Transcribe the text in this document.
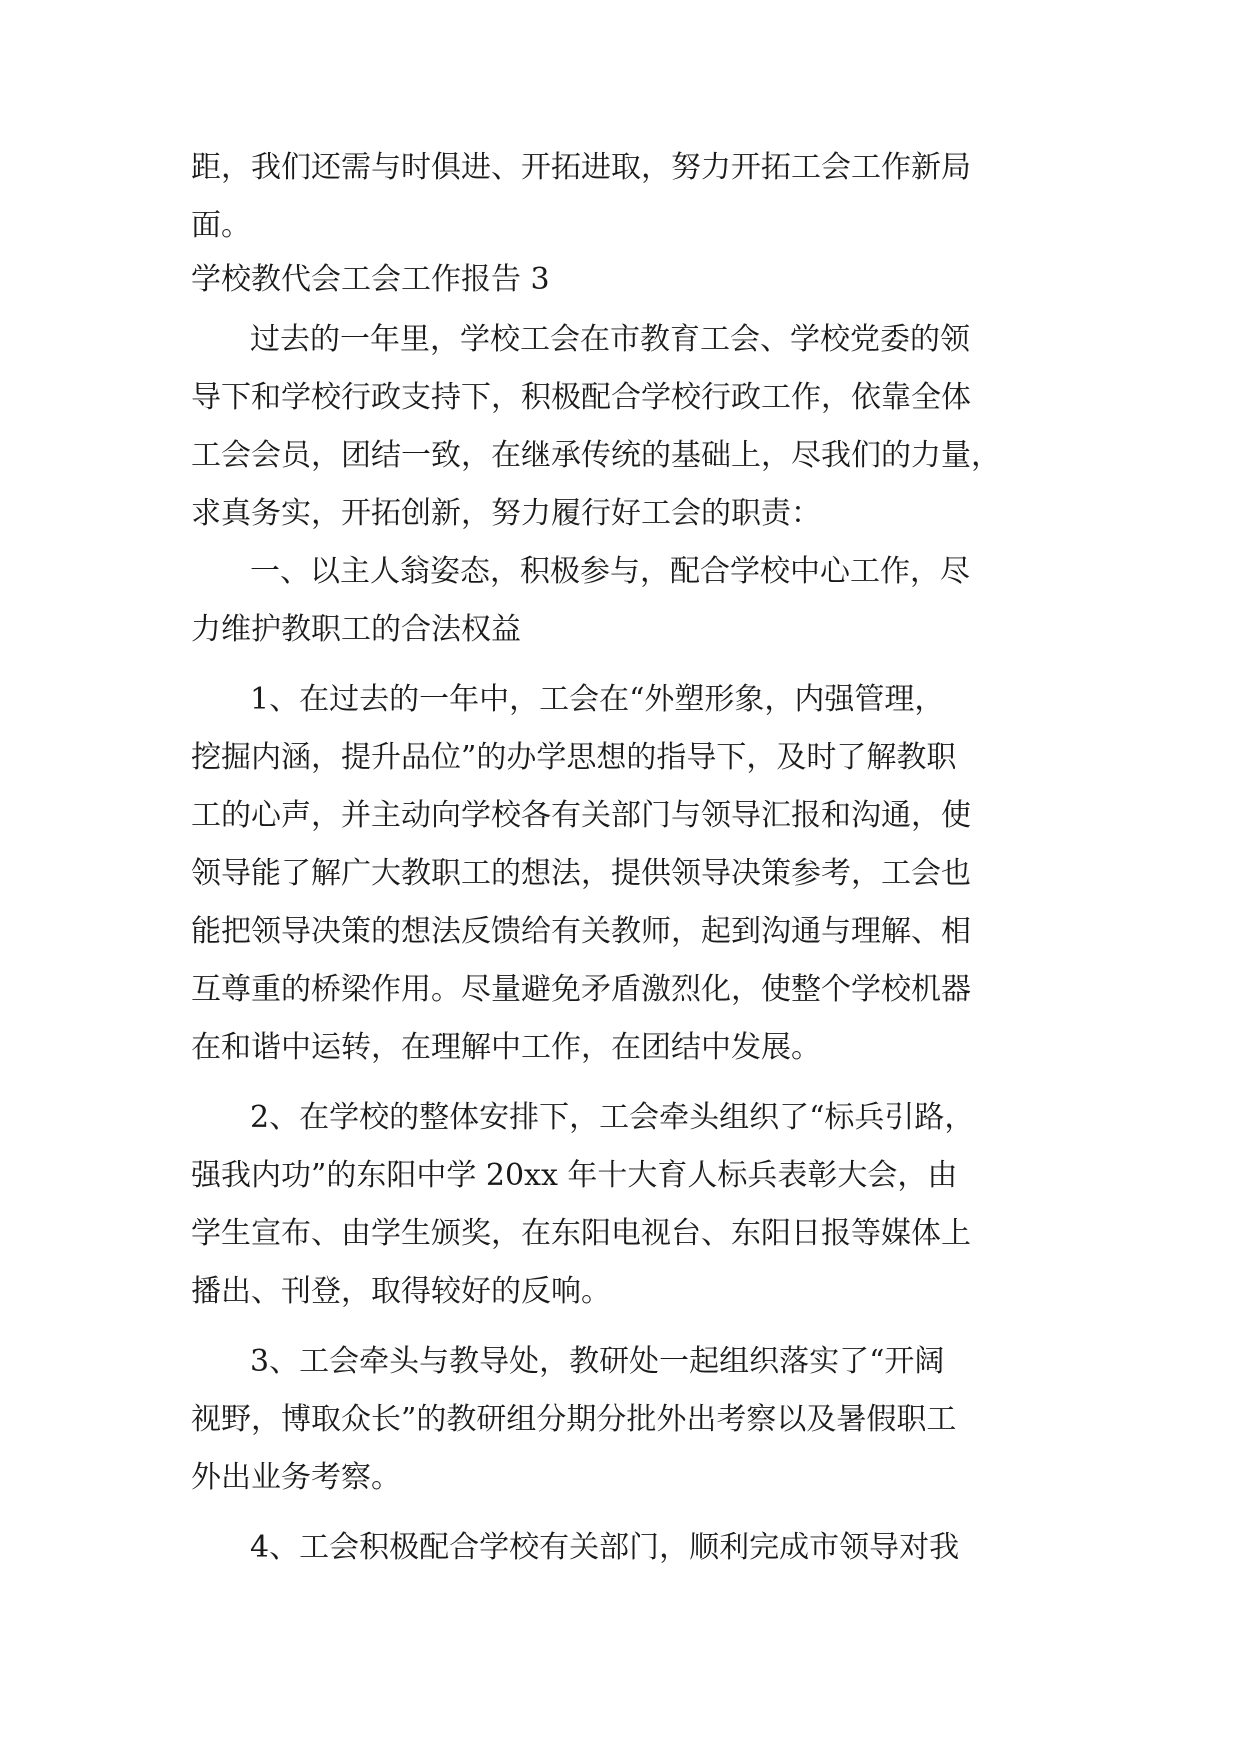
距，我们还需与时俱进、开拓进取，努力开拓工会工作新局

面。

学校教代会工会工作报告 3

过去的一年里，学校工会在市教育工会、学校党委的领

导下和学校行政支持下，积极配合学校行政工作，依靠全体

工会会员，团结一致，在继承传统的基础上，尽我们的力量，

求真务实，开拓创新，努力履行好工会的职责：

一、以主人翁姿态，积极参与，配合学校中心工作，尽

力维护教职工的合法权益

1、在过去的一年中，工会在“外塑形象，内强管理，

挖掘内涵，提升品位”的办学思想的指导下，及时了解教职

工的心声，并主动向学校各有关部门与领导汇报和沟通，使

领导能了解广大教职工的想法，提供领导决策参考，工会也

能把领导决策的想法反馈给有关教师，起到沟通与理解、相

互尊重的桥梁作用。尽量避免矛盾激烈化，使整个学校机器

在和谐中运转，在理解中工作，在团结中发展。

2、在学校的整体安排下，工会牵头组织了“标兵引路，

强我内功”的东阳中学 20xx 年十大育人标兵表彰大会，由

学生宣布、由学生颁奖，在东阳电视台、东阳日报等媒体上

播出、刊登，取得较好的反响。

3、工会牵头与教导处，教研处一起组织落实了“开阔

视野，博取众长”的教研组分期分批外出考察以及暑假职工

外出业务考察。

4、工会积极配合学校有关部门，顺利完成市领导对我
